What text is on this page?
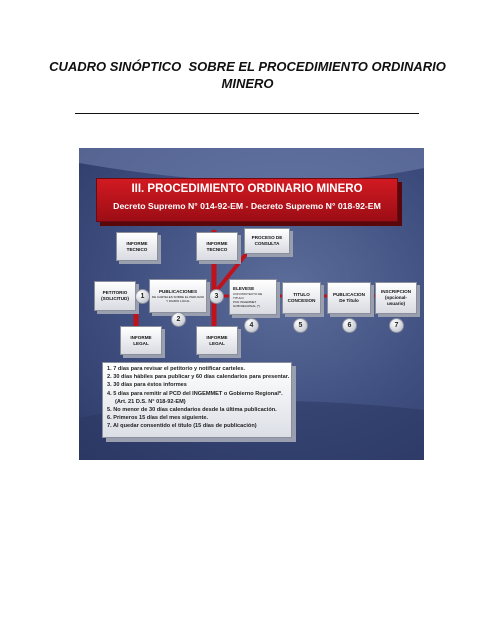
CUADRO SINÓPTICO  SOBRE EL PROCEDIMIENTO ORDINARIO
MINERO
III. PROCEDIMIENTO ORDINARIO MINERO
Decreto Supremo N° 014-92-EM - Decreto Supremo N° 018-92-EM
INFORME
TECNICO
INFORME
TECNICO
PROCESO DE
CONSULTA
PETITORIO
(SOLICITUD)
PUBLICACIONES
DE CARTELES SOBRE EL PERUANO
Y DIARIO LOCAL
ELEVESE
CON PROYECTO DE
TITULO
PCD INGEMMET
GOB REGIONAL (*)
TITULO
CONCESION
PUBLICACION
De Titulo
INSCRIPCION
(opcional-usuario)
INFORME
LEGAL
INFORME
LEGAL
1
2
3
4	5	6	7
1. 7 días para revisar el petitorio y notificar carteles.
2. 30 días hábiles para publicar y 60 días calendarios para presentar.
3. 30 días para éstos informes
4. 5 días para remitir al PCD del INGEMMET o Gobierno Regional*.
(Art. 21 D.S. N° 018-92-EM)
5. No menor de 30 días calendarios desde la última publicación.
6. Primeros 15 días del mes siguiente.
7. Al quedar consentido el título (15 días de publicación)
